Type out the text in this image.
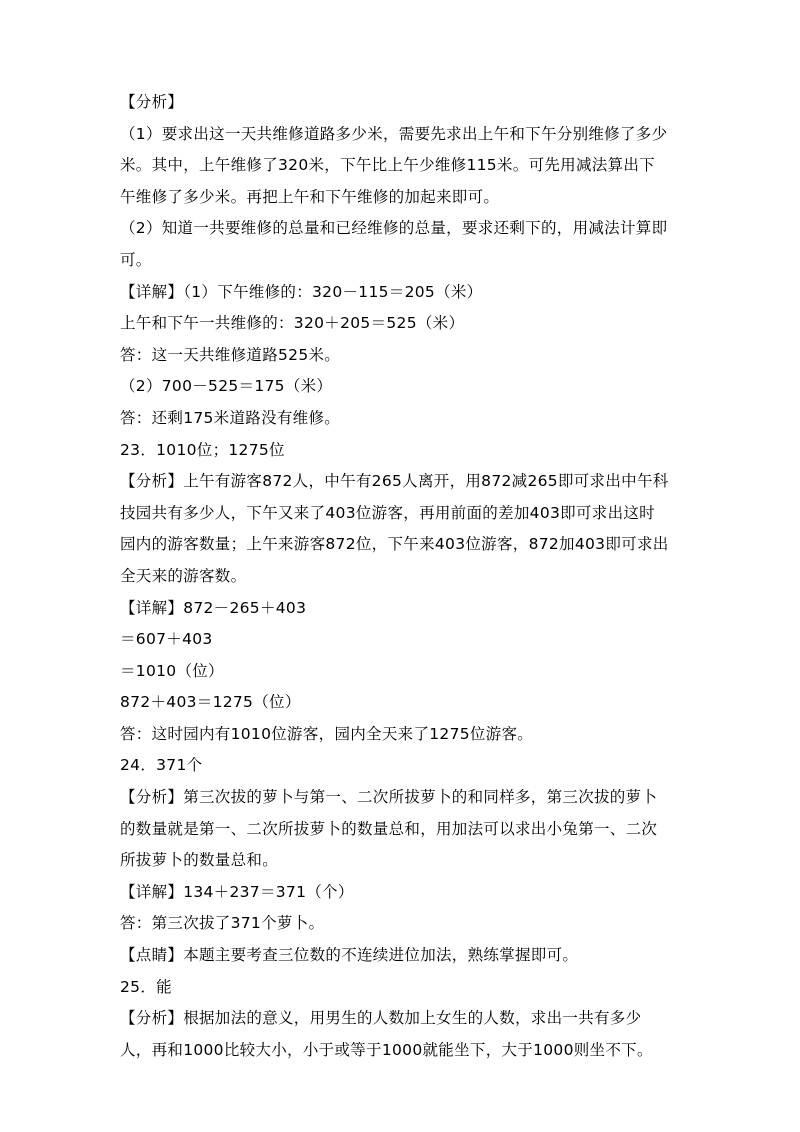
【分析】
（1）要求出这一天共维修道路多少米，需要先求出上午和下午分别维修了多少
米。其中，上午维修了320米，下午比上午少维修115米。可先用减法算出下
午维修了多少米。再把上午和下午维修的加起来即可。
（2）知道一共要维修的总量和已经维修的总量，要求还剩下的，用减法计算即
可。
【详解】（1）下午维修的：320－115＝205（米）
上午和下午一共维修的：320＋205＝525（米）
答：这一天共维修道路525米。
（2）700－525＝175（米）
答：还剩175米道路没有维修。
23．1010位；1275位
【分析】上午有游客872人，中午有265人离开，用872减265即可求出中午科
技园共有多少人，下午又来了403位游客，再用前面的差加403即可求出这时
园内的游客数量；上午来游客872位，下午来403位游客，872加403即可求出
全天来的游客数。
【详解】872－265＋403
＝607＋403
＝1010（位）
872＋403＝1275（位）
答：这时园内有1010位游客，园内全天来了1275位游客。
24．371个
【分析】第三次拔的萝卜与第一、二次所拔萝卜的和同样多，第三次拔的萝卜
的数量就是第一、二次所拔萝卜的数量总和，用加法可以求出小兔第一、二次
所拔萝卜的数量总和。
【详解】134＋237＝371（个）
答：第三次拔了371个萝卜。
【点睛】本题主要考查三位数的不连续进位加法，熟练掌握即可。
25．能
【分析】根据加法的意义，用男生的人数加上女生的人数，求出一共有多少
人，再和1000比较大小，小于或等于1000就能坐下，大于1000则坐不下。
